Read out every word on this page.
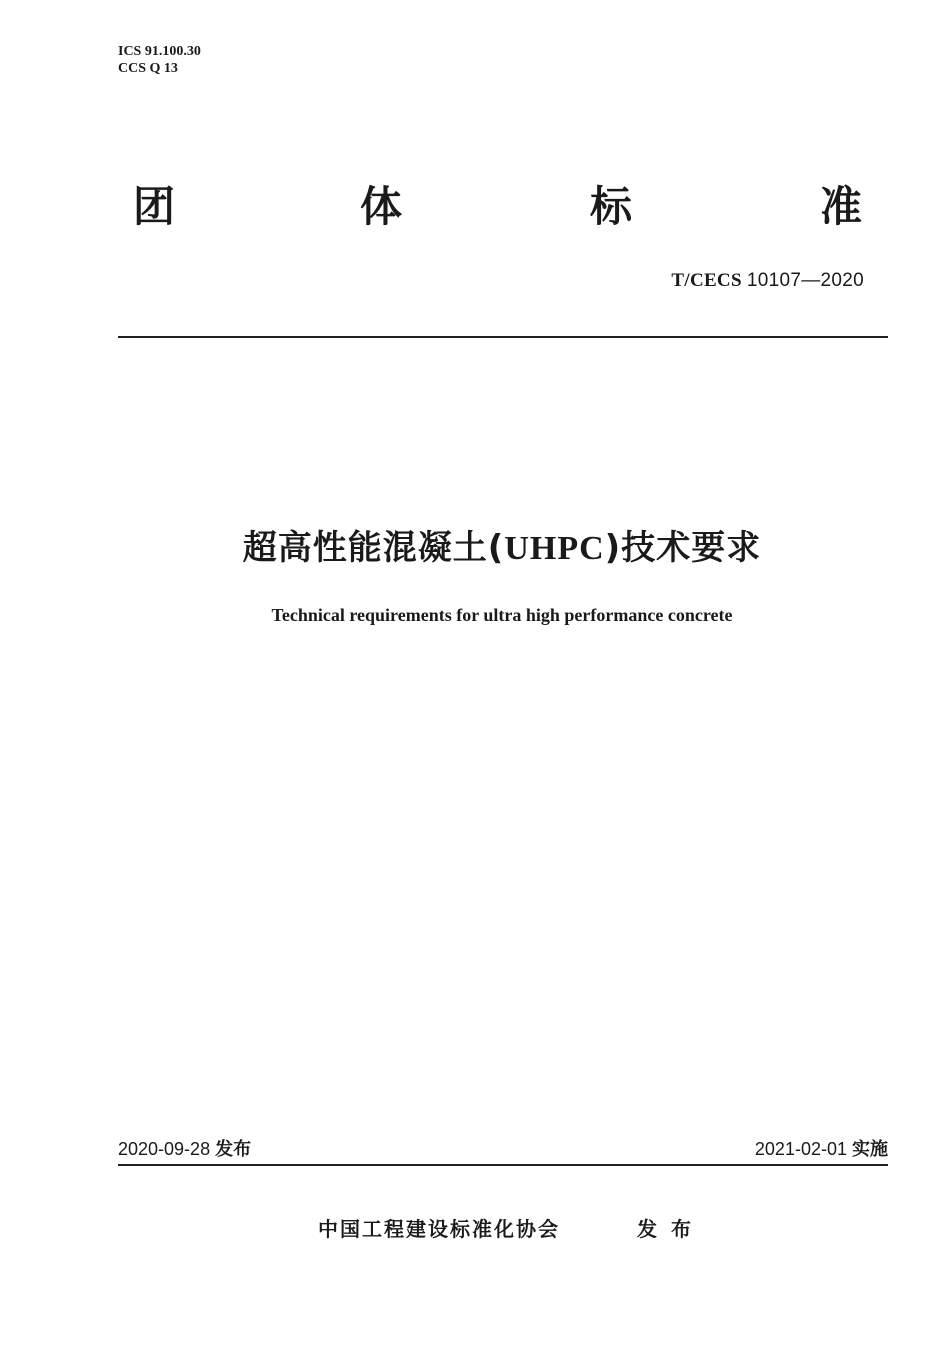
ICS 91.100.30
CCS Q 13
团	体	标	准
T/CECS 10107—2020
超高性能混凝土(UHPC)技术要求
Technical requirements for ultra high performance concrete
2020-09-28 发布	2021-02-01 实施
中国工程建设标准化协会	发布
